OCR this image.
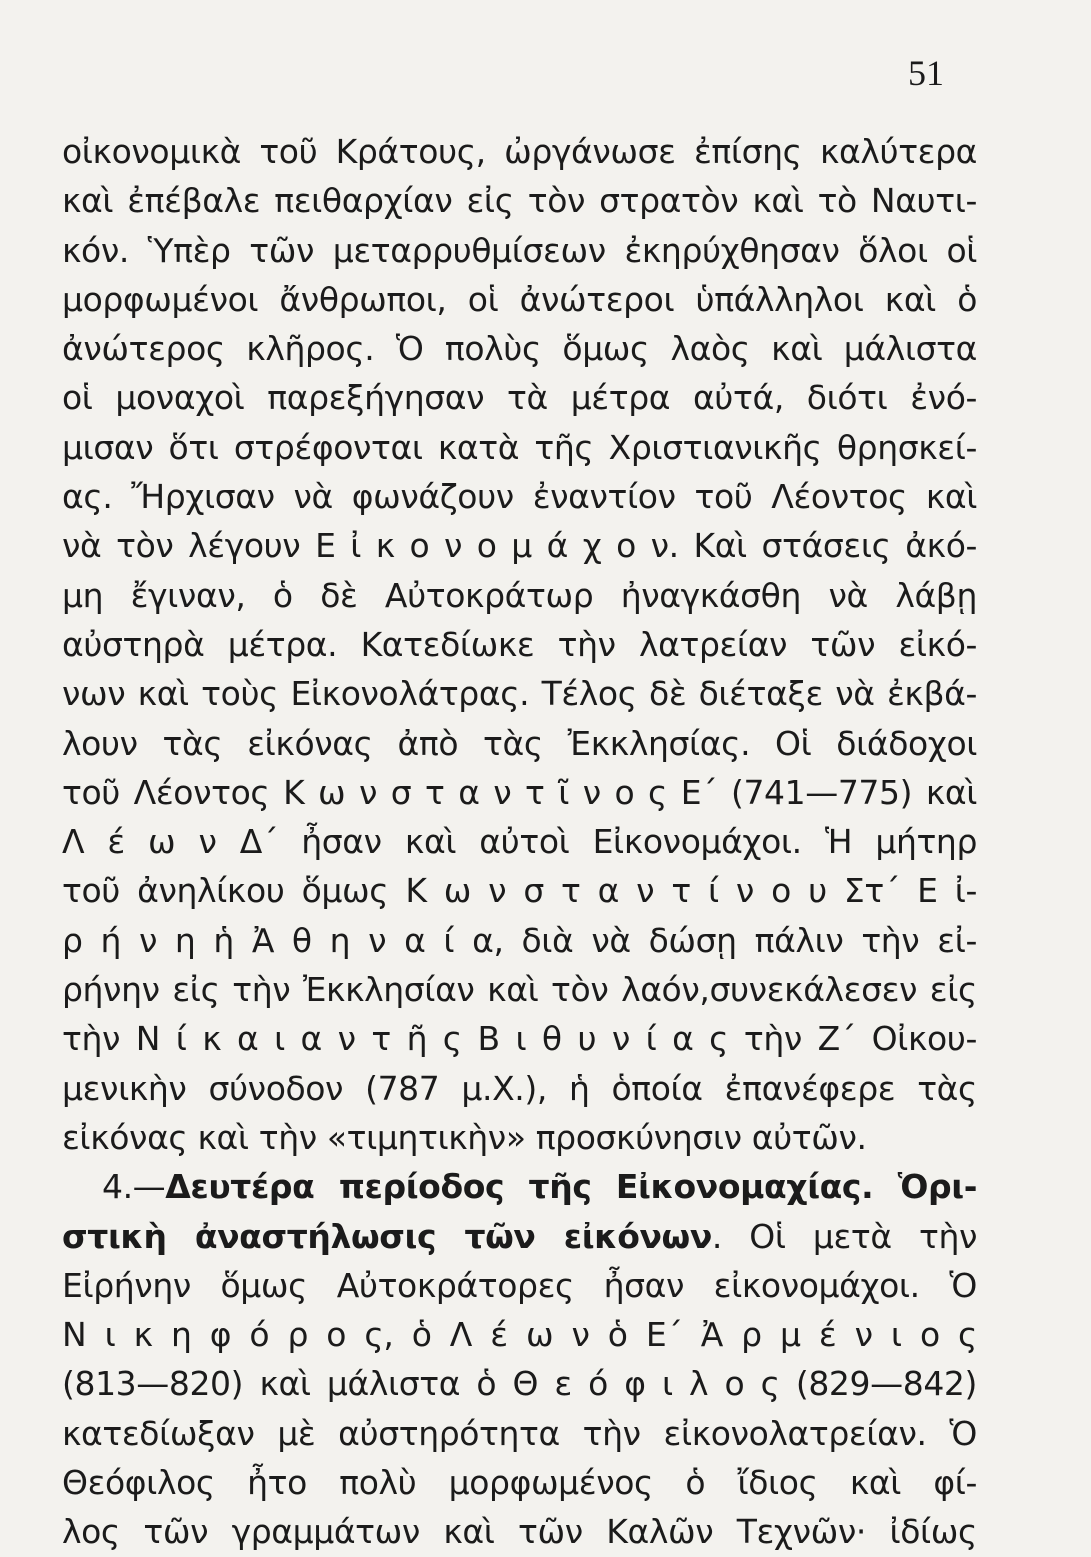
51
οἰκονομικὰ τοῦ Κράτους, ὠργάνωσε ἐπίσης καλύτερα
καὶ ἐπέβαλε πειθαρχίαν εἰς τὸν στρατὸν καὶ τὸ Ναυτι-
κόν. Ὑπὲρ τῶν μεταρρυθμίσεων ἐκηρύχθησαν ὅλοι οἱ
μορφωμένοι ἄνθρωποι, οἱ ἀνώτεροι ὑπάλληλοι καὶ ὁ
ἀνώτερος κλῆρος. Ὁ πολὺς ὅμως λαὸς καὶ μάλιστα
οἱ μοναχοὶ παρεξήγησαν τὰ μέτρα αὐτά, διότι ἐνό-
μισαν ὅτι στρέφονται κατὰ τῆς Χριστιανικῆς θρησκεί-
ας. Ἤρχισαν νὰ φωνάζουν ἐναντίον τοῦ Λέοντος καὶ
νὰ τὸν λέγουν Ε ἰ κ ο ν ο μ ά χ ο ν. Καὶ στάσεις ἀκό-
μη ἔγιναν, ὁ δὲ Αὐτοκράτωρ ἠναγκάσθη νὰ λάβῃ
αὐστηρὰ μέτρα. Κατεδίωκε τὴν λατρείαν τῶν εἰκό-
νων καὶ τοὺς Εἰκονολάτρας. Τέλος δὲ διέταξε νὰ ἐκβά-
λουν τὰς εἰκόνας ἀπὸ τὰς Ἐκκλησίας. Οἱ διάδοχοι
τοῦ Λέοντος Κ ω ν σ τ α ν τ ῖ ν ο ς Ε΄ (741—775) καὶ
Λ έ ω ν Δ΄ ἦσαν καὶ αὐτοὶ Εἰκονομάχοι. Ἡ μήτηρ
τοῦ ἀνηλίκου ὅμως Κ ω ν σ τ α ν τ ί ν ο υ Στ΄ Ε ἰ-
ρ ή ν η ἡ Ἀ θ η ν α ί α, διὰ νὰ δώσῃ πάλιν τὴν εἰ-
ρήνην εἰς τὴν Ἐκκλησίαν καὶ τὸν λαόν,συνεκάλεσεν εἰς
τὴν Ν ί κ α ι α ν τ ῆ ς Β ι θ υ ν ί α ς τὴν Ζ΄ Οἰκου-
μενικὴν σύνοδον (787 μ.Χ.), ἡ ὁποία ἐπανέφερε τὰς
εἰκόνας καὶ τὴν «τιμητικὴν» προσκύνησιν αὐτῶν.
4.—Δευτέρα περίοδος τῆς Εἰκονομαχίας. Ὁρι-
στικὴ ἀναστήλωσις τῶν εἰκόνων. Οἱ μετὰ τὴν
Εἰρήνην ὅμως Αὐτοκράτορες ἦσαν εἰκονομάχοι. Ὁ
Ν ι κ η φ ό ρ ο ς, ὁ Λ έ ω ν ὁ Ε΄ Ἀ ρ μ έ ν ι ο ς
(813—820) καὶ μάλιστα ὁ Θ ε ό φ ι λ ο ς (829—842)
κατεδίωξαν μὲ αὐστηρότητα τὴν εἰκονολατρείαν. Ὁ
Θεόφιλος ἦτο πολὺ μορφωμένος ὁ ἴδιος καὶ φί-
λος τῶν γραμμάτων καὶ τῶν Καλῶν Τεχνῶν· ἰδίως
